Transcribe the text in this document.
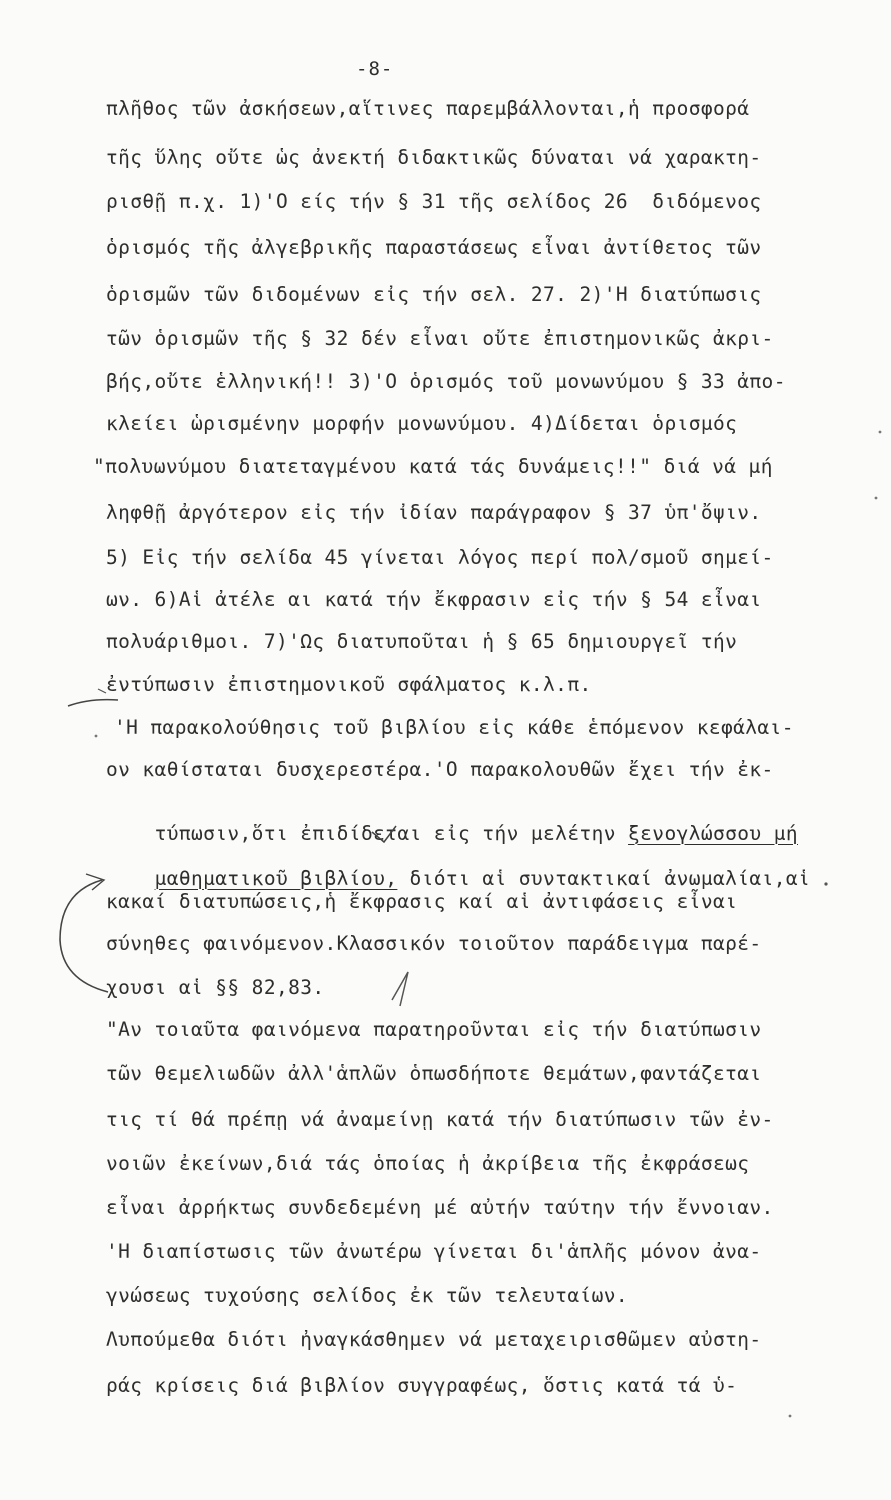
-8-
πλῆθος τῶν ἀσκήσεων,αἵτινες παρεμβάλλονται,ἡ προσφορά
τῆς ὕλης οὔτε ὡς ἀνεκτή διδακτικῶς δύναται νά χαρακτη-
ρισθῇ π.χ. 1)'Ο είς τήν § 31 τῆς σελίδος 26  διδόμενος
ὁρισμός τῆς ἀλγεβρικῆς παραστάσεως εἶναι ἀντίθετος τῶν
ὁρισμῶν τῶν διδομένων εἰς τήν σελ. 27. 2)'Η διατύπωσις
τῶν ὁρισμῶν τῆς § 32 δέν εἶναι οὔτε ἐπιστημονικῶς ἀκρι-
βής,οὔτε ἑλληνική!! 3)'Ο ὁρισμός τοῦ μονωνύμου § 33 ἀπο-
κλείει ὡρισμένην μορφήν μονωνύμου. 4)Δίδεται ὁρισμός
"πολυωνύμου διατεταγμένου κατά τάς δυνάμεις!!" διά νά μή
ληφθῇ ἀργότερον εἰς τήν ἰδίαν παράγραφον § 37 ὑπ'ὄψιν.
5) Εἰς τήν σελίδα 45 γίνεται λόγος περί πολ/σμοῦ σημεί-
ων. 6)Αἱ ἀτέλε αι κατά τήν ἔκφρασιν εἰς τήν § 54 εἶναι
πολυάριθμοι. 7)'Ως διατυποῦται ἡ § 65 δημιουργεῖ τήν
ἐντύπωσιν ἐπιστημονικοῦ σφάλματος κ.λ.π.
'Η παρακολούθησις τοῦ βιβλίου εἰς κάθε ἑπόμενον κεφάλαι-
ον καθίσταται δυσχερεστέρα.'Ο παρακολουθῶν ἔχει τήν ἐκ-

τύπωσιν,ὅτι ἐπιδίδεται εἰς τήν μελέτην ξενογλώσσου μή

μαθηματικοῦ βιβλίου, διότι αἱ συντακτικαί ἀνωμαλίαι,αἱ

κακαί διατυπώσεις,ἡ ἔκφρασις καί αἱ ἀντιφάσεις εἶναι
σύνηθες φαινόμενον.Κλασσικόν τοιοῦτον παράδειγμα παρέ-
χουσι αἱ §§ 82,83.
"Αν τοιαῦτα φαινόμενα παρατηροῦνται εἰς τήν διατύπωσιν
τῶν θεμελιωδῶν ἀλλ'ἁπλῶν ὁπωσδήποτε θεμάτων,φαντάζεται
τις τί θά πρέπῃ νά ἀναμείνῃ κατά τήν διατύπωσιν τῶν ἐν-
νοιῶν ἐκείνων,διά τάς ὁποίας ἡ ἀκρίβεια τῆς ἐκφράσεως
εἶναι ἀρρήκτως συνδεδεμένη μέ αὐτήν ταύτην τήν ἔννοιαν.
'Η διαπίστωσις τῶν ἀνωτέρω γίνεται δι'ἁπλῆς μόνον ἀνα-
γνώσεως τυχούσης σελίδος ἐκ τῶν τελευταίων.
Λυπούμεθα διότι ἠναγκάσθημεν νά μεταχειρισθῶμεν αὐστη-
ράς κρίσεις διά βιβλίον συγγραφέως, ὅστις κατά τά ὑ-
